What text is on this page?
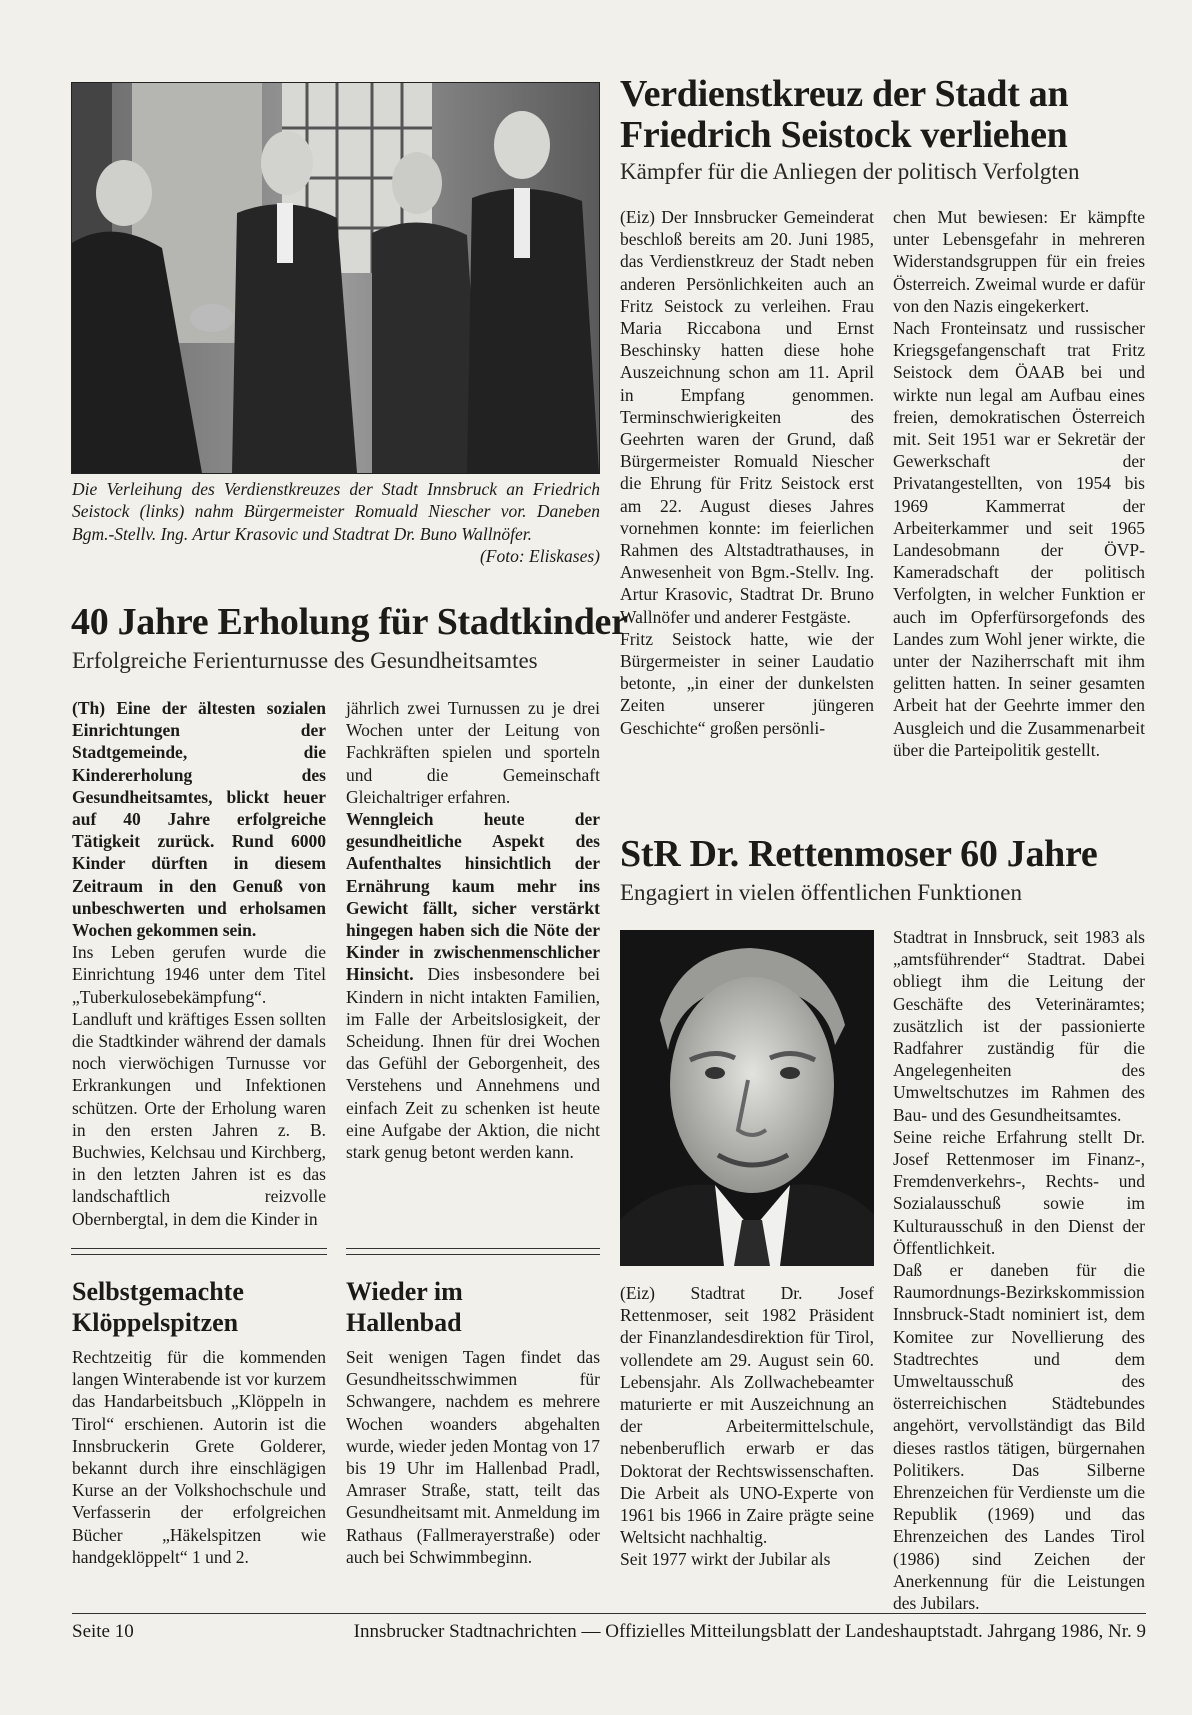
Die Verleihung des Verdienstkreuzes der Stadt Innsbruck an Friedrich Seistock (links) nahm Bürgermeister Romuald Niescher vor. Daneben Bgm.-Stellv. Ing. Artur Krasovic und Stadtrat Dr. Buno Wallnöfer.
(Foto: Eliskases)
Verdienstkreuz der Stadt an Friedrich Seistock verliehen

Kämpfer für die Anliegen der politisch Verfolgten

(Eiz) Der Innsbrucker Gemeinderat beschloß bereits am 20. Juni 1985, das Verdienstkreuz der Stadt neben anderen Persönlichkeiten auch an Fritz Seistock zu verleihen. Frau Maria Riccabona und Ernst Beschinsky hatten diese hohe Auszeichnung schon am 11. April in Empfang genommen. Terminschwierigkeiten des Geehrten waren der Grund, daß Bürgermeister Romuald Niescher die Ehrung für Fritz Seistock erst am 22. August dieses Jahres vornehmen konnte: im feierlichen Rahmen des Altstadtrathauses, in Anwesenheit von Bgm.-Stellv. Ing. Artur Krasovic, Stadtrat Dr. Bruno Wallnöfer und anderer Festgäste.

Fritz Seistock hatte, wie der Bürgermeister in seiner Laudatio betonte, „in einer der dunkelsten Zeiten unserer jüngeren Geschichte“ großen persönli-

chen Mut bewiesen: Er kämpfte unter Lebensgefahr in mehreren Widerstandsgruppen für ein freies Österreich. Zweimal wurde er dafür von den Nazis eingekerkert.

Nach Fronteinsatz und russischer Kriegsgefangenschaft trat Fritz Seistock dem ÖAAB bei und wirkte nun legal am Aufbau eines freien, demokratischen Österreich mit. Seit 1951 war er Sekretär der Gewerkschaft der Privatangestellten, von 1954 bis 1969 Kammerrat der Arbeiterkammer und seit 1965 Landesobmann der ÖVP-Kameradschaft der politisch Verfolgten, in welcher Funktion er auch im Opferfürsorgefonds des Landes zum Wohl jener wirkte, die unter der Naziherrschaft mit ihm gelitten hatten. In seiner gesamten Arbeit hat der Geehrte immer den Ausgleich und die Zusammenarbeit über die Parteipolitik gestellt.

40 Jahre Erholung für Stadtkinder

Erfolgreiche Ferienturnusse des Gesundheitsamtes

(Th) Eine der ältesten sozialen Einrichtungen der Stadtgemeinde, die Kindererholung des Gesundheitsamtes, blickt heuer auf 40 Jahre erfolgreiche Tätigkeit zurück. Rund 6000 Kinder dürften in diesem Zeitraum in den Genuß von unbeschwerten und erholsamen Wochen gekommen sein.

Ins Leben gerufen wurde die Einrichtung 1946 unter dem Titel „Tuberkulosebekämpfung“. Landluft und kräftiges Essen sollten die Stadtkinder während der damals noch vierwöchigen Turnusse vor Erkrankungen und Infektionen schützen. Orte der Erholung waren in den ersten Jahren z. B. Buchwies, Kelchsau und Kirchberg, in den letzten Jahren ist es das landschaftlich reizvolle Obernbergtal, in dem die Kinder in

jährlich zwei Turnussen zu je drei Wochen unter der Leitung von Fachkräften spielen und sporteln und die Gemeinschaft Gleichaltriger erfahren.

Wenngleich heute der gesundheitliche Aspekt des Aufenthaltes hinsichtlich der Ernährung kaum mehr ins Gewicht fällt, sicher verstärkt hingegen haben sich die Nöte der Kinder in zwischenmenschlicher Hinsicht. Dies insbesondere bei Kindern in nicht intakten Familien, im Falle der Arbeitslosigkeit, der Scheidung. Ihnen für drei Wochen das Gefühl der Geborgenheit, des Verstehens und Annehmens und einfach Zeit zu schenken ist heute eine Aufgabe der Aktion, die nicht stark genug betont werden kann.

Selbstgemachte Klöppelspitzen
Rechtzeitig für die kommenden langen Winterabende ist vor kurzem das Handarbeitsbuch „Klöppeln in Tirol“ erschienen. Autorin ist die Innsbruckerin Grete Golderer, bekannt durch ihre einschlägigen Kurse an der Volkshochschule und Verfasserin der erfolgreichen Bücher „Häkelspitzen wie handgeklöppelt“ 1 und 2.
Wieder im Hallenbad
Seit wenigen Tagen findet das Gesundheitsschwimmen für Schwangere, nachdem es mehrere Wochen woanders abgehalten wurde, wieder jeden Montag von 17 bis 19 Uhr im Hallenbad Pradl, Amraser Straße, statt, teilt das Gesundheitsamt mit. Anmeldung im Rathaus (Fallmerayerstraße) oder auch bei Schwimmbeginn.
StR Dr. Rettenmoser 60 Jahre

Engagiert in vielen öffentlichen Funktionen

(Eiz) Stadtrat Dr. Josef Rettenmoser, seit 1982 Präsident der Finanzlandesdirektion für Tirol, vollendete am 29. August sein 60. Lebensjahr. Als Zollwachebeamter maturierte er mit Auszeichnung an der Arbeitermittelschule, nebenberuflich erwarb er das Doktorat der Rechtswissenschaften. Die Arbeit als UNO-Experte von 1961 bis 1966 in Zaire prägte seine Weltsicht nachhaltig.

Seit 1977 wirkt der Jubilar als

Stadtrat in Innsbruck, seit 1983 als „amtsführender“ Stadtrat. Dabei obliegt ihm die Leitung der Geschäfte des Veterinäramtes; zusätzlich ist der passionierte Radfahrer zuständig für die Angelegenheiten des Umweltschutzes im Rahmen des Bau- und des Gesundheitsamtes.

Seine reiche Erfahrung stellt Dr. Josef Rettenmoser im Finanz-, Fremdenverkehrs-, Rechts- und Sozialausschuß sowie im Kulturausschuß in den Dienst der Öffentlichkeit.

Daß er daneben für die Raumordnungs-Bezirkskommission Innsbruck-Stadt nominiert ist, dem Komitee zur Novellierung des Stadtrechtes und dem Umweltausschuß des österreichischen Städtebundes angehört, vervollständigt das Bild dieses rastlos tätigen, bürgernahen Politikers. Das Silberne Ehrenzeichen für Verdienste um die Republik (1969) und das Ehrenzeichen des Landes Tirol (1986) sind Zeichen der Anerkennung für die Leistungen des Jubilars.

Seite 10	Innsbrucker Stadtnachrichten — Offizielles Mitteilungsblatt der Landeshauptstadt. Jahrgang 1986, Nr. 9
